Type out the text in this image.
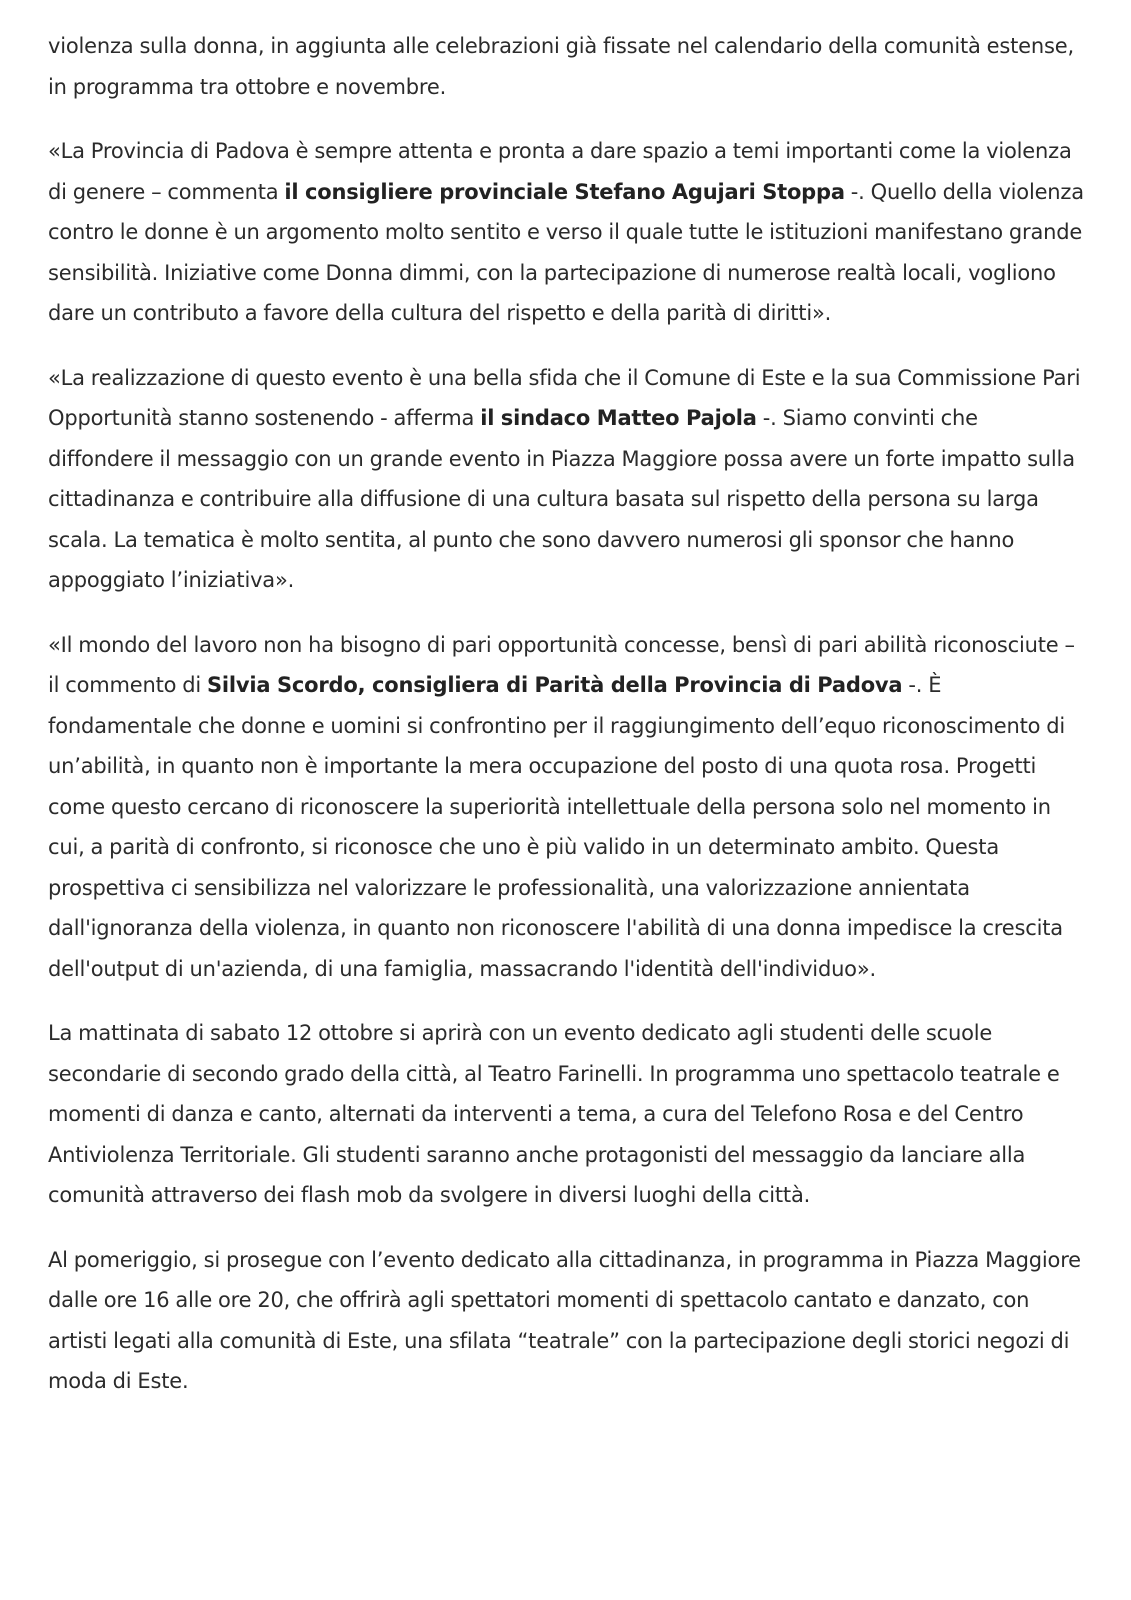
violenza sulla donna, in aggiunta alle celebrazioni già fissate nel calendario della comunità estense, in programma tra ottobre e novembre.

«La Provincia di Padova è sempre attenta e pronta a dare spazio a temi importanti come la violenza di genere – commenta il consigliere provinciale Stefano Agujari Stoppa -. Quello della violenza contro le donne è un argomento molto sentito e verso il quale tutte le istituzioni manifestano grande sensibilità. Iniziative come Donna dimmi, con la partecipazione di numerose realtà locali, vogliono dare un contributo a favore della cultura del rispetto e della parità di diritti».

«La realizzazione di questo evento è una bella sfida che il Comune di Este e la sua Commissione Pari Opportunità stanno sostenendo - afferma il sindaco Matteo Pajola -. Siamo convinti che diffondere il messaggio con un grande evento in Piazza Maggiore possa avere un forte impatto sulla cittadinanza e contribuire alla diffusione di una cultura basata sul rispetto della persona su larga scala. La tematica è molto sentita, al punto che sono davvero numerosi gli sponsor che hanno appoggiato l’iniziativa».

«Il mondo del lavoro non ha bisogno di pari opportunità concesse, bensì di pari abilità riconosciute – il commento di Silvia Scordo, consigliera di Parità della Provincia di Padova -. È fondamentale che donne e uomini si confrontino per il raggiungimento dell’equo riconoscimento di un’abilità, in quanto non è importante la mera occupazione del posto di una quota rosa. Progetti come questo cercano di riconoscere la superiorità intellettuale della persona solo nel momento in cui, a parità di confronto, si riconosce che uno è più valido in un determinato ambito. Questa prospettiva ci sensibilizza nel valorizzare le professionalità, una valorizzazione annientata dall'ignoranza della violenza, in quanto non riconoscere l'abilità di una donna impedisce la crescita dell'output di un'azienda, di una famiglia, massacrando l'identità dell'individuo».

La mattinata di sabato 12 ottobre si aprirà con un evento dedicato agli studenti delle scuole secondarie di secondo grado della città, al Teatro Farinelli. In programma uno spettacolo teatrale e momenti di danza e canto, alternati da interventi a tema, a cura del Telefono Rosa e del Centro Antiviolenza Territoriale. Gli studenti saranno anche protagonisti del messaggio da lanciare alla comunità attraverso dei flash mob da svolgere in diversi luoghi della città.

Al pomeriggio, si prosegue con l’evento dedicato alla cittadinanza, in programma in Piazza Maggiore dalle ore 16 alle ore 20, che offrirà agli spettatori momenti di spettacolo cantato e danzato, con artisti legati alla comunità di Este, una sfilata “teatrale” con la partecipazione degli storici negozi di moda di Este.
